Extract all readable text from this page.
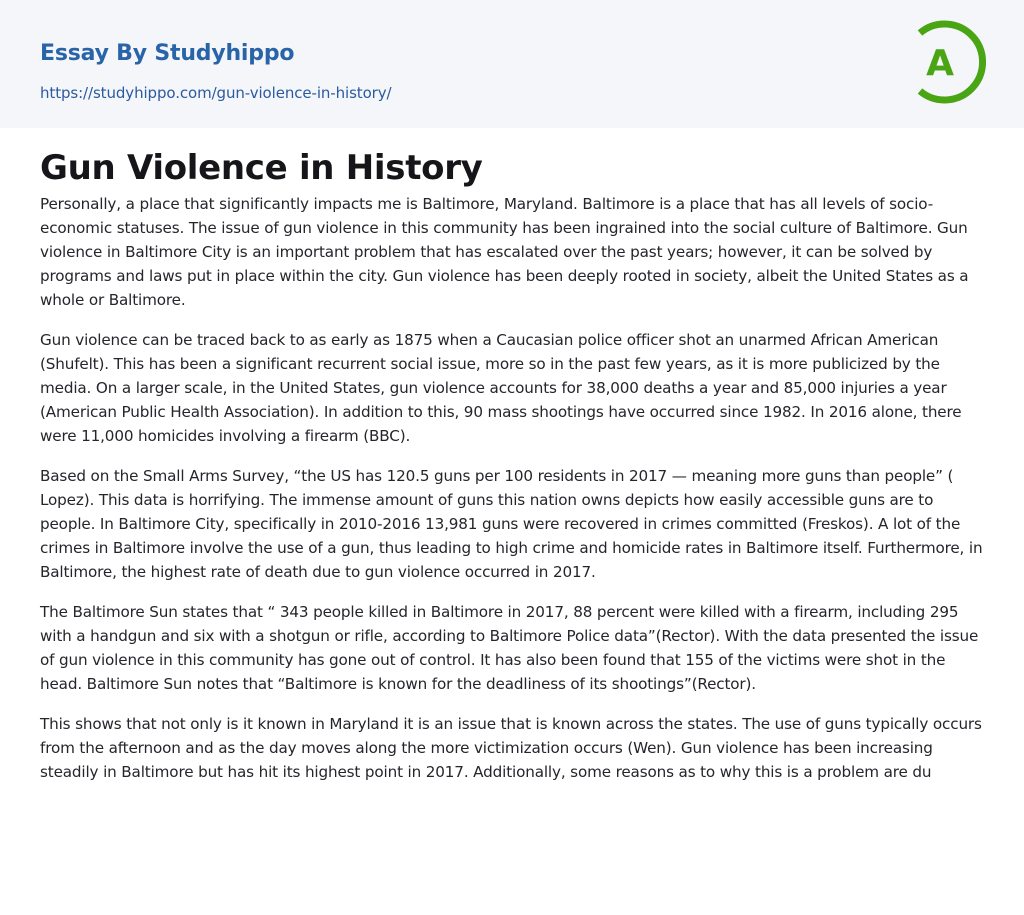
Essay By Studyhippo
https://studyhippo.com/gun-violence-in-history/
A
Gun Violence in History

Personally, a place that significantly impacts me is Baltimore, Maryland. Baltimore is a place that has all levels of socio-economic statuses. The issue of gun violence in this community has been ingrained into the social culture of Baltimore. Gun violence in Baltimore City is an important problem that has escalated over the past years; however, it can be solved by programs and laws put in place within the city. Gun violence has been deeply rooted in society, albeit the United States as a whole or Baltimore.

Gun violence can be traced back to as early as 1875 when a Caucasian police officer shot an unarmed African American (Shufelt). This has been a significant recurrent social issue, more so in the past few years, as it is more publicized by the media. On a larger scale, in the United States, gun violence accounts for 38,000 deaths a year and 85,000 injuries a year (American Public Health Association). In addition to this, 90 mass shootings have occurred since 1982. In 2016 alone, there were 11,000 homicides involving a firearm (BBC).

Based on the Small Arms Survey, “the US has 120.5 guns per 100 residents in 2017 — meaning more guns than people” ( Lopez). This data is horrifying. The immense amount of guns this nation owns depicts how easily accessible guns are to people. In Baltimore City, specifically in 2010-2016 13,981 guns were recovered in crimes committed (Freskos). A lot of the crimes in Baltimore involve the use of a gun, thus leading to high crime and homicide rates in Baltimore itself. Furthermore, in Baltimore, the highest rate of death due to gun violence occurred in 2017.

The Baltimore Sun states that “ 343 people killed in Baltimore in 2017, 88 percent were killed with a firearm, including 295 with a handgun and six with a shotgun or rifle, according to Baltimore Police data”(Rector). With the data presented the issue of gun violence in this community has gone out of control. It has also been found that 155 of the victims were shot in the head. Baltimore Sun notes that “Baltimore is known for the deadliness of its shootings”(Rector).

This shows that not only is it known in Maryland it is an issue that is known across the states. The use of guns typically occurs from the afternoon and as the day moves along the more victimization occurs (Wen). Gun violence has been increasing steadily in Baltimore but has hit its highest point in 2017. Additionally, some reasons as to why this is a problem are du
